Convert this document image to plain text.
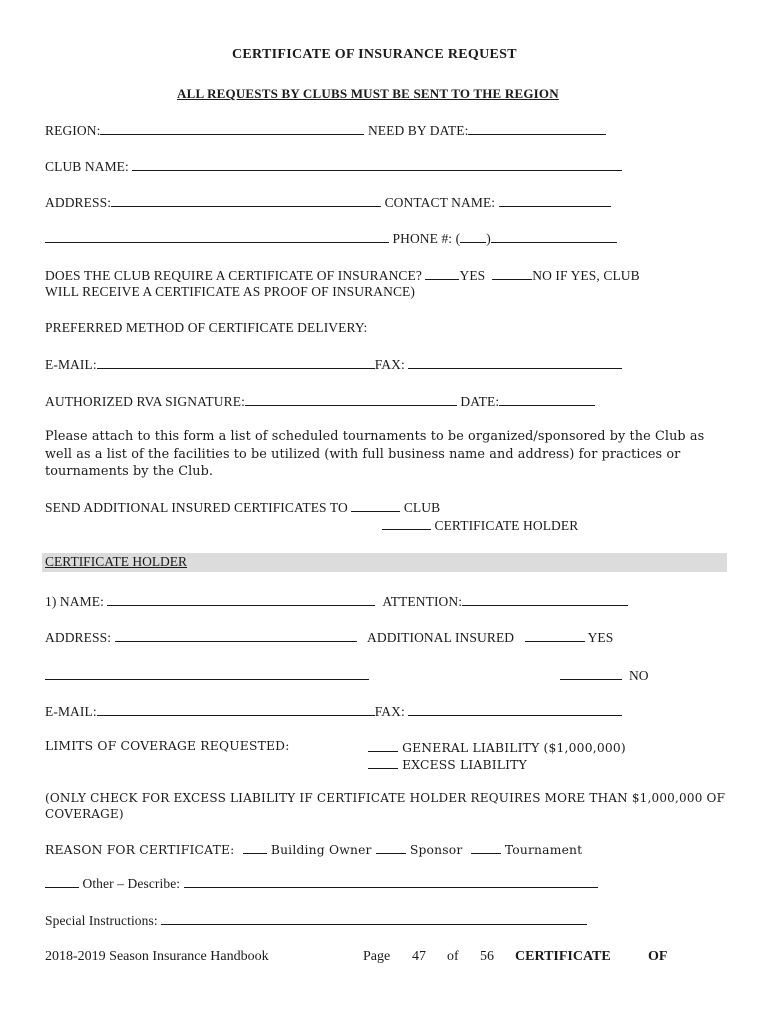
CERTIFICATE OF INSURANCE REQUEST
ALL REQUESTS BY CLUBS MUST BE SENT TO THE REGION
REGION:	NEED BY DATE:
CLUB NAME:
ADDRESS:	CONTACT NAME:
PHONE #: ( )
DOES THE CLUB REQUIRE A CERTIFICATE OF INSURANCE?	YES	NO IF YES, CLUB
WILL RECEIVE A CERTIFICATE AS PROOF OF INSURANCE)
PREFERRED METHOD OF CERTIFICATE DELIVERY:
E-MAIL:	FAX:
AUTHORIZED RVA SIGNATURE:	DATE:
Please attach to this form a list of scheduled tournaments to be organized/sponsored by the Club as well as a list of the facilities to be utilized (with full business name and address) for practices or tournaments by the Club.
SEND ADDITIONAL INSURED CERTIFICATES TO	CLUB
CERTIFICATE HOLDER
CERTIFICATE HOLDER
1) NAME:	ATTENTION:
ADDRESS:	ADDITIONAL INSURED	YES
NO
E-MAIL:	FAX:
LIMITS OF COVERAGE REQUESTED:	GENERAL LIABILITY ($1,000,000)
EXCESS LIABILITY
(ONLY CHECK FOR EXCESS LIABILITY IF CERTIFICATE HOLDER REQUIRES MORE THAN $1,000,000 OF
COVERAGE)
REASON FOR CERTIFICATE:	Building Owner	Sponsor	Tournament
Other – Describe:
Special Instructions:
2018-2019 Season Insurance Handbook	Page 47 of 56 CERTIFICATE	OF
